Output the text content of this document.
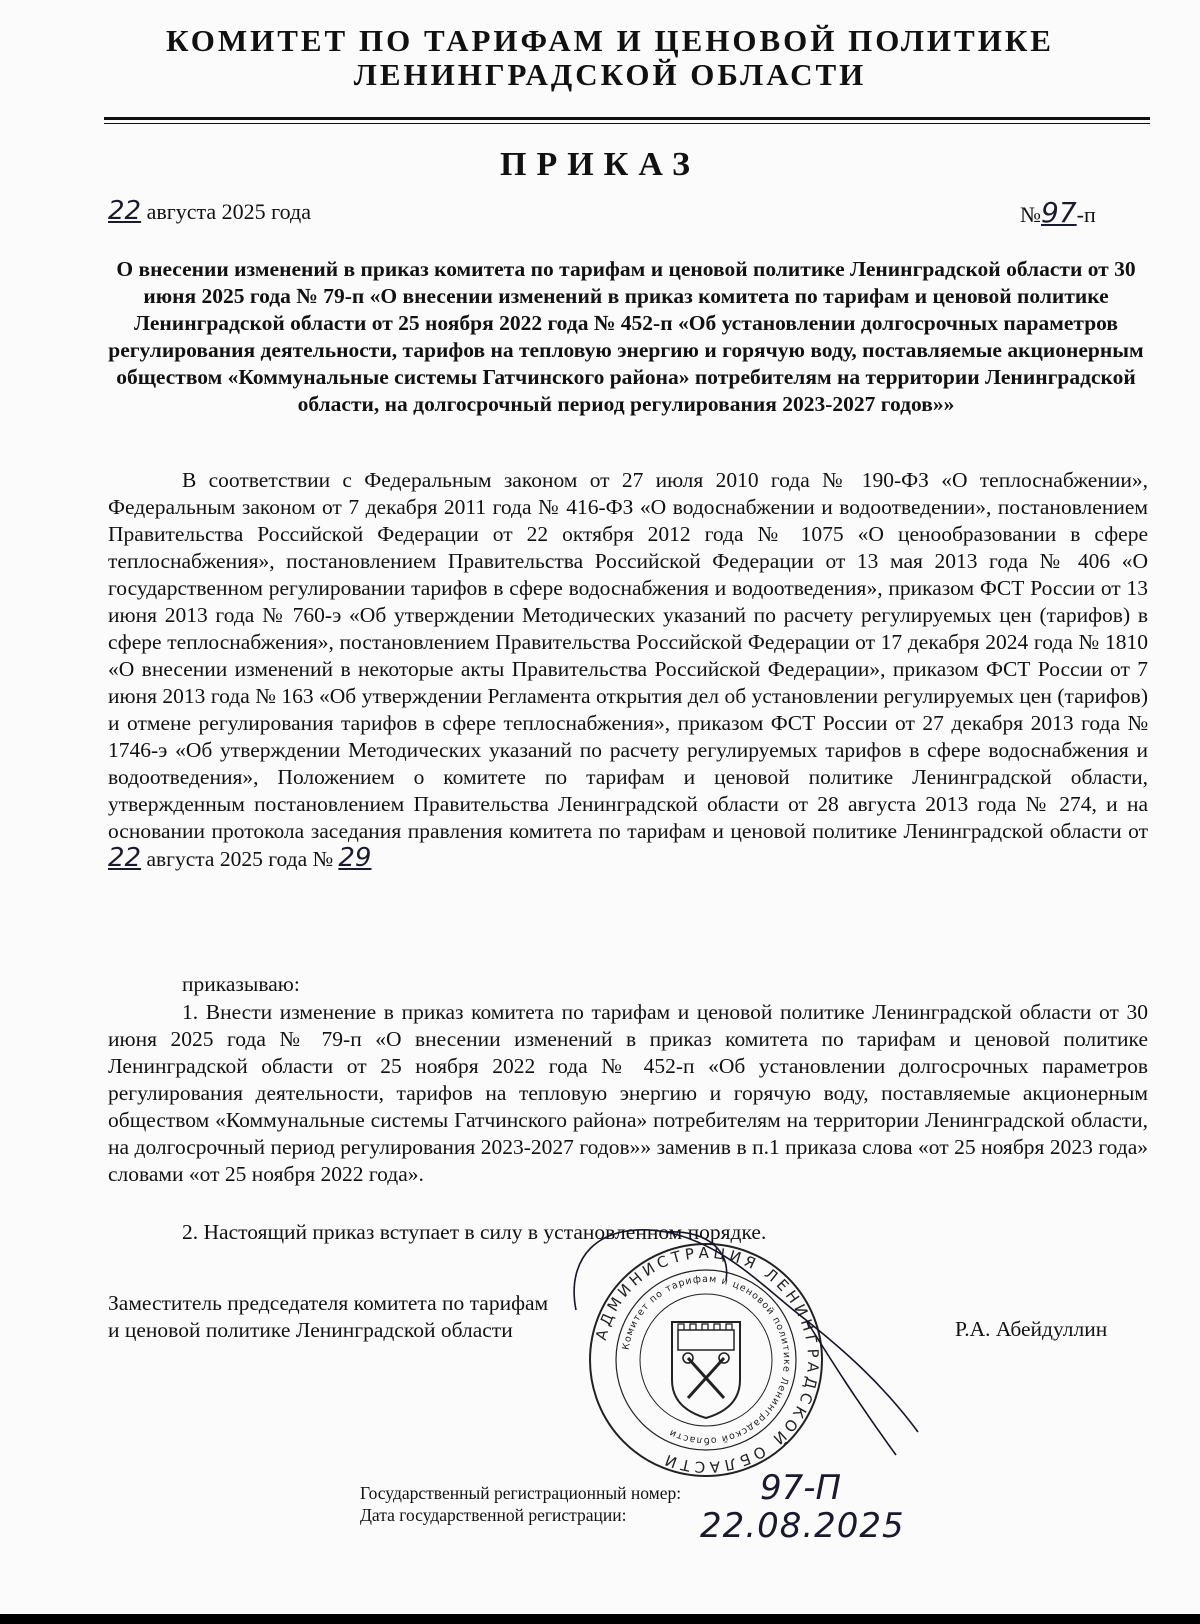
КОМИТЕТ ПО ТАРИФАМ И ЦЕНОВОЙ ПОЛИТИКЕ
ЛЕНИНГРАДСКОЙ ОБЛАСТИ
ПРИКАЗ
22 августа 2025 года	№97-п
О внесении изменений в приказ комитета по тарифам и ценовой политике Ленинградской области от 30 июня 2025 года № 79-п «О внесении изменений в приказ комитета по тарифам и ценовой политике Ленинградской области от 25 ноября 2022 года № 452-п «Об установлении долгосрочных параметров регулирования деятельности, тарифов на тепловую энергию и горячую воду, поставляемые акционерным обществом «Коммунальные системы Гатчинского района» потребителям на территории Ленинградской области, на долгосрочный период регулирования 2023-2027 годов»»
В соответствии с Федеральным законом от 27 июля 2010 года № 190-ФЗ «О теплоснабжении», Федеральным законом от 7 декабря 2011 года № 416-ФЗ «О водоснабжении и водоотведении», постановлением Правительства Российской Федерации от 22 октября 2012 года № 1075 «О ценообразовании в сфере теплоснабжения», постановлением Правительства Российской Федерации от 13 мая 2013 года № 406 «О государственном регулировании тарифов в сфере водоснабжения и водоотведения», приказом ФСТ России от 13 июня 2013 года № 760-э «Об утверждении Методических указаний по расчету регулируемых цен (тарифов) в сфере теплоснабжения», постановлением Правительства Российской Федерации от 17 декабря 2024 года № 1810 «О внесении изменений в некоторые акты Правительства Российской Федерации», приказом ФСТ России от 7 июня 2013 года № 163 «Об утверждении Регламента открытия дел об установлении регулируемых цен (тарифов) и отмене регулирования тарифов в сфере теплоснабжения», приказом ФСТ России от 27 декабря 2013 года № 1746-э «Об утверждении Методических указаний по расчету регулируемых тарифов в сфере водоснабжения и водоотведения», Положением о комитете по тарифам и ценовой политике Ленинградской области, утвержденным постановлением Правительства Ленинградской области от 28 августа 2013 года № 274, и на основании протокола заседания правления комитета по тарифам и ценовой политике Ленинградской области от 22 августа 2025 года № 29
приказываю:
1. Внести изменение в приказ комитета по тарифам и ценовой политике Ленинградской области от 30 июня 2025 года № 79-п «О внесении изменений в приказ комитета по тарифам и ценовой политике Ленинградской области от 25 ноября 2022 года № 452-п «Об установлении долгосрочных параметров регулирования деятельности, тарифов на тепловую энергию и горячую воду, поставляемые акционерным обществом «Коммунальные системы Гатчинского района» потребителям на территории Ленинградской области, на долгосрочный период регулирования 2023-2027 годов»» заменив в п.1 приказа слова «от 25 ноября 2023 года» словами «от 25 ноября 2022 года».
2. Настоящий приказ вступает в силу в установленном порядке.
Заместитель председателя комитета по тарифам
и ценовой политике Ленинградской области	Р.А. Абейдуллин
АДМИНИСТРАЦИЯ ЛЕНИНГРАДСКОЙ ОБЛАСТИ
Комитет по тарифам и ценовой политике Ленинградской области
Государственный регистрационный номер: 97-П
Дата государственной регистрации: 22.08.2025
